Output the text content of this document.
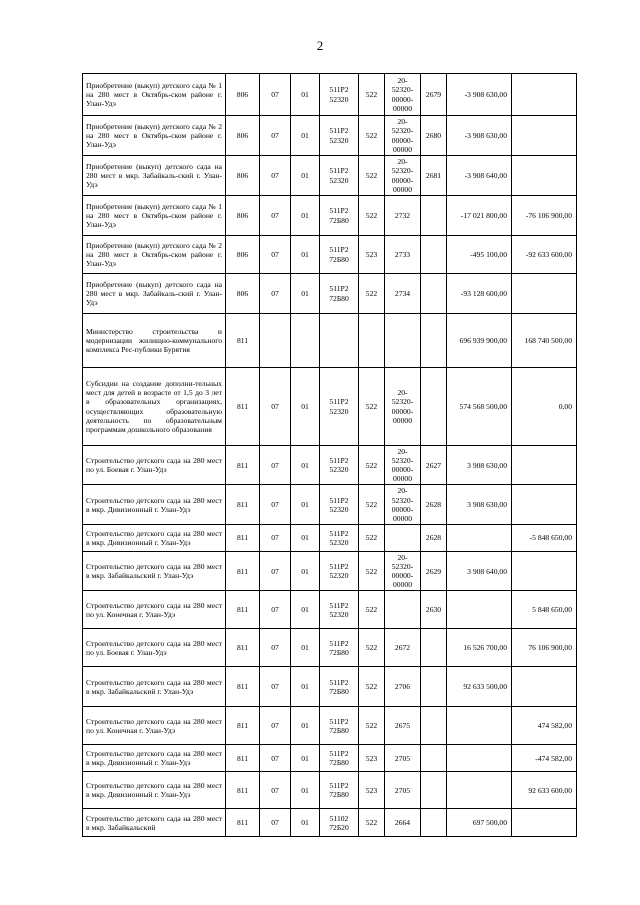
2
Приобретение (выкуп) детского сада № 1 на 280 мест в Октябрь-ском районе г. Улан-Удэ	806	07	01	511P2 52320	522	20-52320-00000-00000	2679	-3 908 630,00	
Приобретение (выкуп) детского сада № 2 на 280 мест в Октябрь-ском районе г. Улан-Удэ	806	07	01	511P2 52320	522	20-52320-00000-00000	2680	-3 908 630,00	
Приобретение (выкуп) детского сада на 280 мест в мкр. Забайкаль-ский г. Улан-Удэ	806	07	01	511P2 52320	522	20-52320-00000-00000	2681	-3 908 640,00	
Приобретение (выкуп) детского сада № 1 на 280 мест в Октябрь-ском районе г. Улан-Удэ	806	07	01	511P2 72Б80	522	2732		-17 021 800,00	-76 106 900,00
Приобретение (выкуп) детского сада № 2 на 280 мест в Октябрь-ском районе г. Улан-Удэ	806	07	01	511P2 72Б80	523	2733		-495 100,00	-92 633 600,00
Приобретение (выкуп) детского сада на 280 мест в мкр. Забайкаль-ский г. Улан-Удэ	806	07	01	511P2 72Б80	522	2734		-93 128 600,00	
Министерство строительства и модернизации жилищно-коммунального комплекса Рес-публики Бурятия	811							696 939 900,00	168 740 500,00
Субсидии на создание дополни-тельных мест для детей в возрасте от 1,5 до 3 лет в образовательных организациях, осуществляющих образовательную деятельность по образовательным программам дошкольного образования	811	07	01	511P2 52320	522	20-52320-00000-00000		574 568 500,00	0,00
Строительство детского сада на 280 мест по ул. Боевая г. Улан-Удэ	811	07	01	511P2 52320	522	20-52320-00000-00000	2627	3 908 630,00	
Строительство детского сада на 280 мест в мкр. Дивизионный г. Улан-Удэ	811	07	01	511P2 52320	522	20-52320-00000-00000	2628	3 908 630,00	
Строительство детского сада на 280 мест в мкр. Дивизионный г. Улан-Удэ	811	07	01	511P2 52320	522		2628		-5 848 650,00
Строительство детского сада на 280 мест в мкр. Забайкальский г. Улан-Удэ	811	07	01	511P2 52320	522	20-52320-00000-00000	2629	3 908 640,00	
Строительство детского сада на 280 мест по ул. Конечная г. Улан-Удэ	811	07	01	511P2 52320	522		2630		5 848 650,00
Строительство детского сада на 280 мест по ул. Боевая г. Улан-Удэ	811	07	01	511P2 72Б80	522	2672		16 526 700,00	76 106 900,00
Строительство детского сада на 280 мест в мкр. Забайкальский г. Улан-Удэ	811	07	01	511P2 72Б80	522	2706		92 633 500,00	
Строительство детского сада на 280 мест по ул. Конечная г. Улан-Удэ	811	07	01	511P2 72Б80	522	2675			474 582,00
Строительство детского сада на 280 мест в мкр. Дивизионный г. Улан-Удэ	811	07	01	511P2 72Б80	523	2705			-474 582,00
Строительство детского сада на 280 мест в мкр. Дивизионный г. Улан-Удэ	811	07	01	511P2 72Б80	523	2705			92 633 600,00
Строительство детского сада на 280 мест в мкр. Забайкальский	811	07	01	51102 72Б20	522	2664		697 500,00	
